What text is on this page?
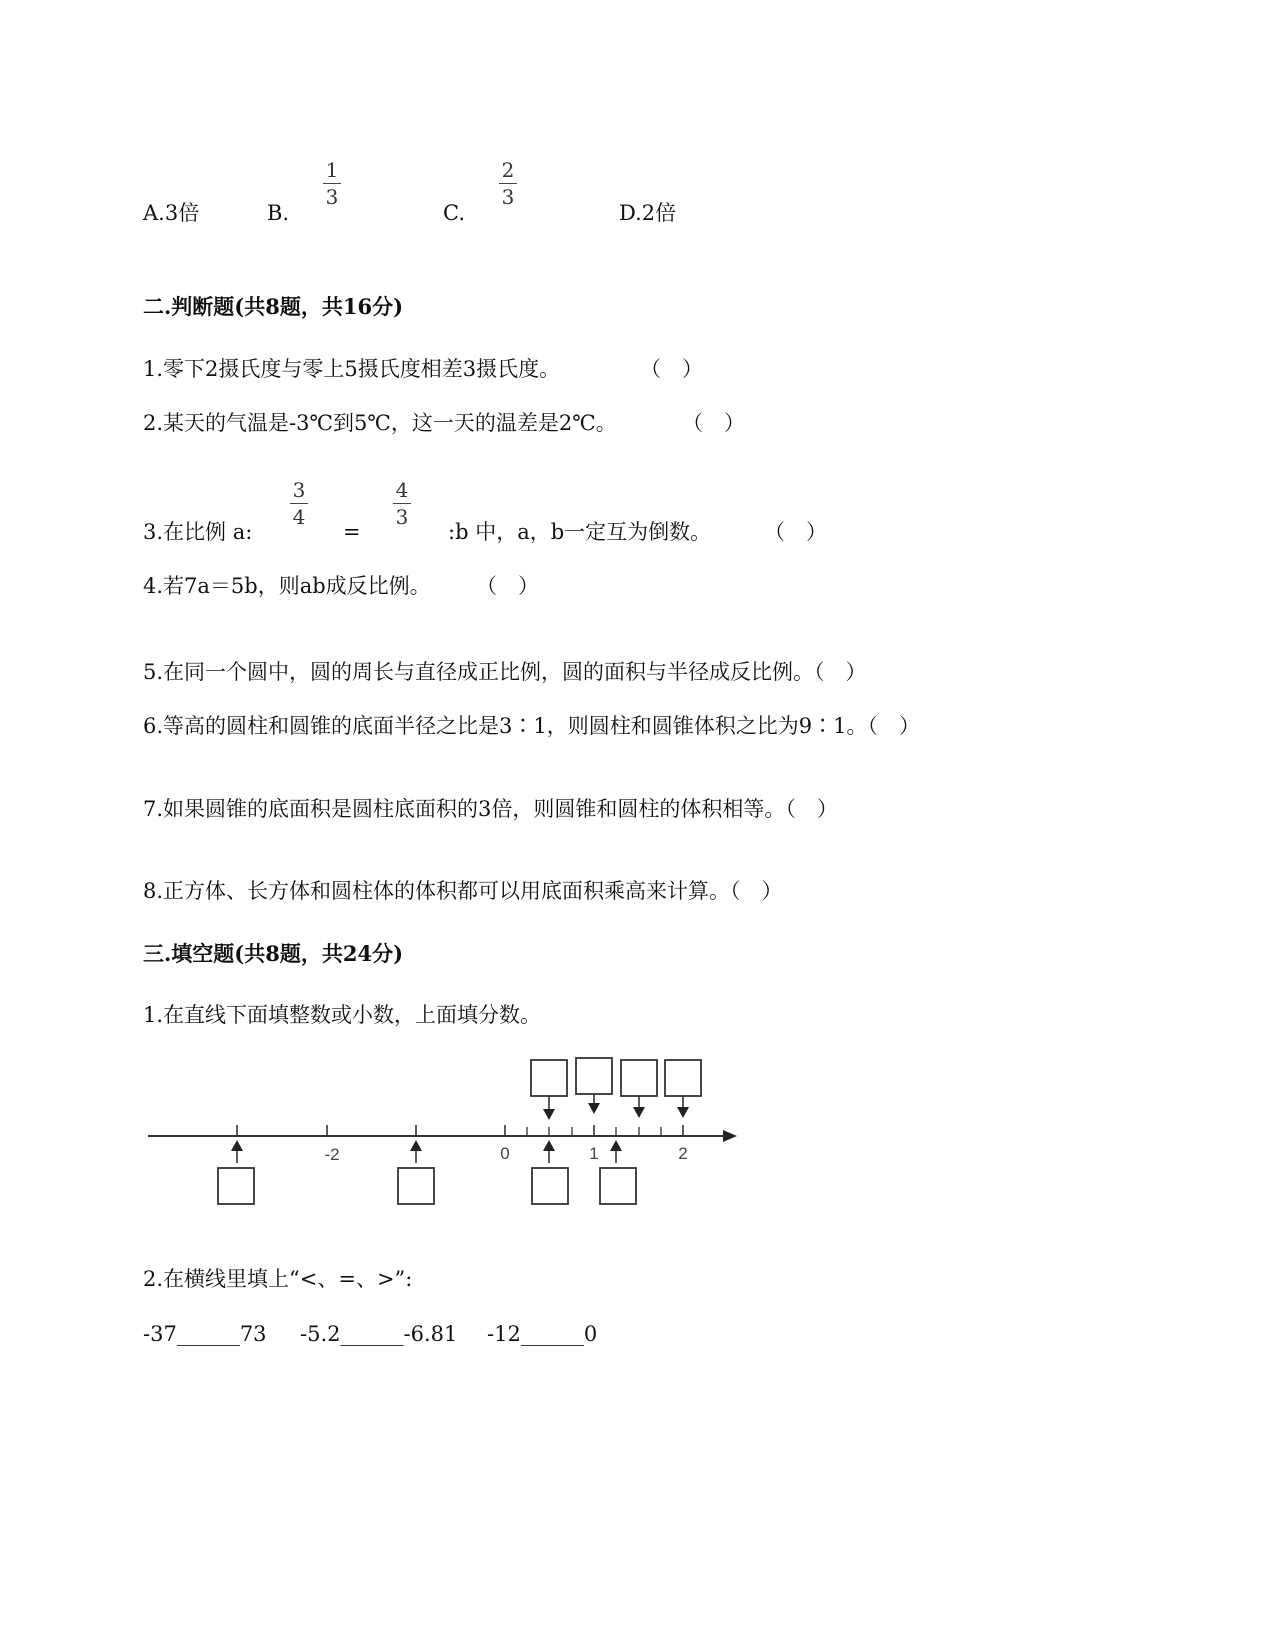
A.3倍	B.
1
3
C.
2
3
D.2倍
二.判断题(共8题，共16分)
1.零下2摄氏度与零上5摄氏度相差3摄氏度。	（　）
2.某天的气温是-3℃到5℃，这一天的温差是2℃。	（　）
3.在比例 a:
3
4
=
4
3
:b 中，a，b一定互为倒数。	（　）
4.若7a＝5b，则ab成反比例。 （　）
5.在同一个圆中，圆的周长与直径成正比例，圆的面积与半径成反比例。（　）
6.等高的圆柱和圆锥的底面半径之比是3∶1，则圆柱和圆锥体积之比为9∶1。（　）
7.如果圆锥的底面积是圆柱底面积的3倍，则圆锥和圆柱的体积相等。（　）
8.正方体、长方体和圆柱体的体积都可以用底面积乘高来计算。（　）
三.填空题(共8题，共24分)
1.在直线下面填整数或小数，上面填分数。
-2	0	1	2
2.在横线里填上“<、=、>”:
-37______73 -5.2______-6.81 -12______0
